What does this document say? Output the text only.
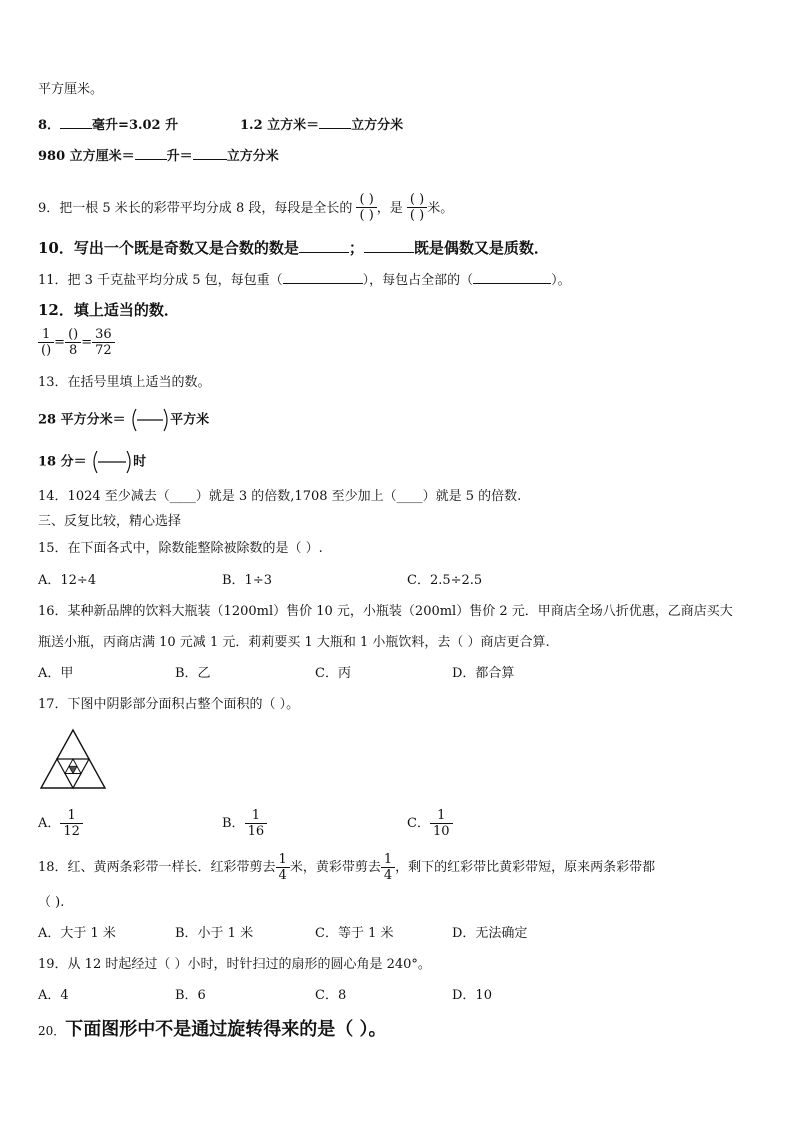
平方厘米。
8． 毫升=3.02 升	1.2 立方米＝ 立方分米
980 立方厘米＝ 升＝	立方分米
9．把一根 5 米长的彩带平均分成 8 段，每段是全长的 $\frac{( )}{( )}$ ，是 $\frac{( )}{( )}$ 米。
10．写出一个既是奇数又是合数的数是	；	既是偶数又是质数．
11．把 3 千克盐平均分成 5 包，每包重（	），每包占全部的（	）。
12．填上适当的数．
$\frac{1}{()} = \frac{()}{8} = \frac{36}{72}$
13．在括号里填上适当的数。
28 平方分米＝	平方米
18 分＝	时
14．1024 至少减去（____）就是 3 的倍数,1708 至少加上（____）就是 5 的倍数.
三、反复比较，精心选择
15．在下面各式中，除数能整除被除数的是（ ）.
A．12÷4	B．1÷3	C．2.5÷2.5
16．某种新品牌的饮料大瓶装（1200ml）售价 10 元，小瓶装（200ml）售价 2 元．甲商店全场八折优惠，乙商店买大
瓶送小瓶，丙商店满 10 元减 1 元．莉莉要买 1 大瓶和 1 小瓶饮料，去（ ）商店更合算.
A．甲	B．乙	C．丙	D．都合算
17．下图中阴影部分面积占整个面积的（ ）。
A． $\frac{1}{12}$	B． $\frac{1}{16}$	C． $\frac{1}{10}$
18．红、黄两条彩带一样长．红彩带剪去 $\frac{1}{4}$ 米，黄彩带剪去 $\frac{1}{4}$ ，剩下的红彩带比黄彩带短，原来两条彩带都
（ ).
A．大于 1 米	B．小于 1 米	C．等于 1 米	D．无法确定
19．从 12 时起经过（ ）小时，时针扫过的扇形的圆心角是 240°。
A．4	B．6	C．8	D．10
20．下面图形中不是通过旋转得来的是（ ）。
